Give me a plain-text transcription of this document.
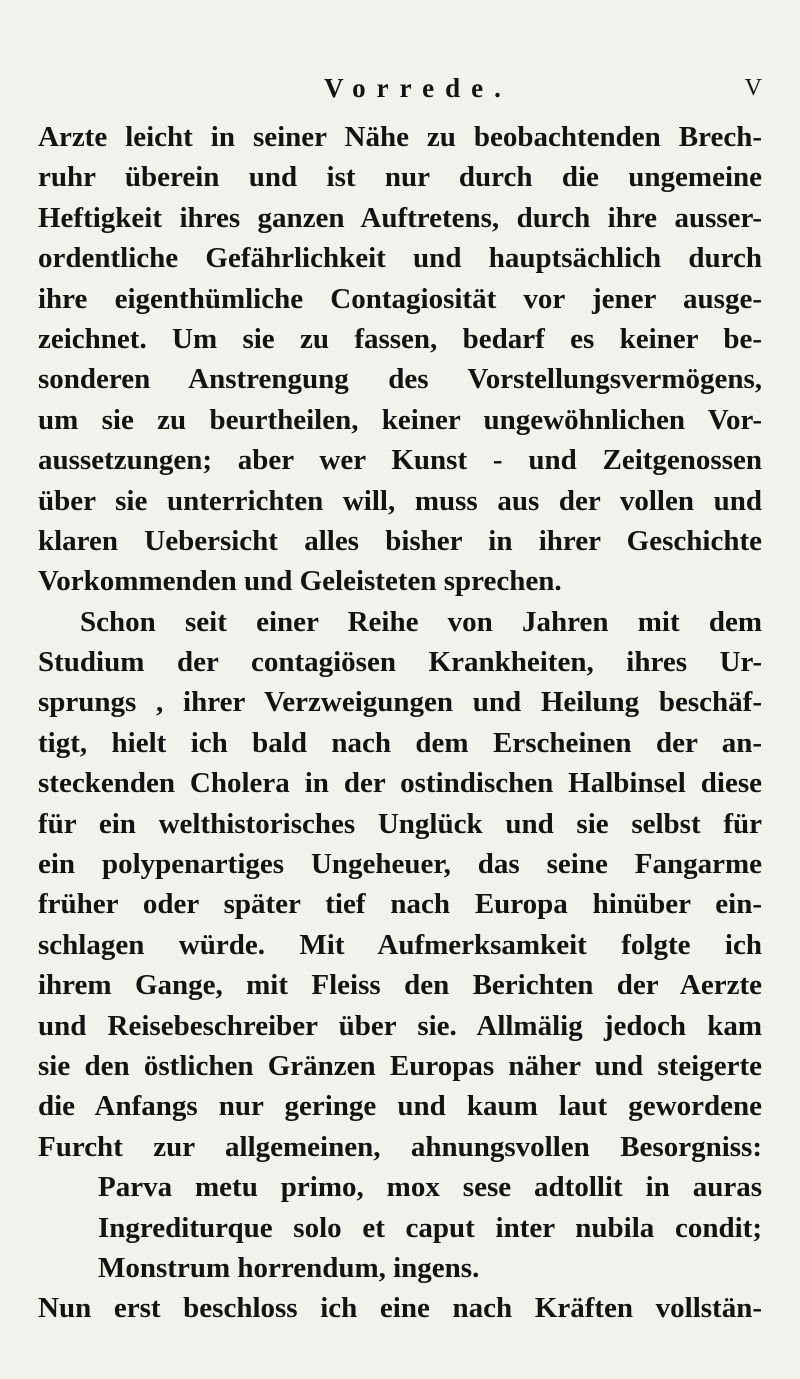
Vorrede.	V
Arzte leicht in seiner Nähe zu beobachtenden Brech-
ruhr überein und ist nur durch die ungemeine
Heftigkeit ihres ganzen Auftretens, durch ihre ausser-
ordentliche Gefährlichkeit und hauptsächlich durch
ihre eigenthümliche Contagiosität vor jener ausge-
zeichnet. Um sie zu fassen, bedarf es keiner be-
sonderen Anstrengung des Vorstellungsvermögens,
um sie zu beurtheilen, keiner ungewöhnlichen Vor-
aussetzungen; aber wer Kunst - und Zeitgenossen
über sie unterrichten will, muss aus der vollen und
klaren Uebersicht alles bisher in ihrer Geschichte
Vorkommenden und Geleisteten sprechen.
Schon seit einer Reihe von Jahren mit dem
Studium der contagiösen Krankheiten, ihres Ur-
sprungs , ihrer Verzweigungen und Heilung beschäf-
tigt, hielt ich bald nach dem Erscheinen der an-
steckenden Cholera in der ostindischen Halbinsel diese
für ein welthistorisches Unglück und sie selbst für
ein polypenartiges Ungeheuer, das seine Fangarme
früher oder später tief nach Europa hinüber ein-
schlagen würde. Mit Aufmerksamkeit folgte ich
ihrem Gange, mit Fleiss den Berichten der Aerzte
und Reisebeschreiber über sie. Allmälig jedoch kam
sie den östlichen Gränzen Europas näher und steigerte
die Anfangs nur geringe und kaum laut gewordene
Furcht zur allgemeinen, ahnungsvollen Besorgniss:
Parva metu primo, mox sese adtollit in auras
Ingrediturque solo et caput inter nubila condit;
Monstrum horrendum, ingens.
Nun erst beschloss ich eine nach Kräften vollstän-
